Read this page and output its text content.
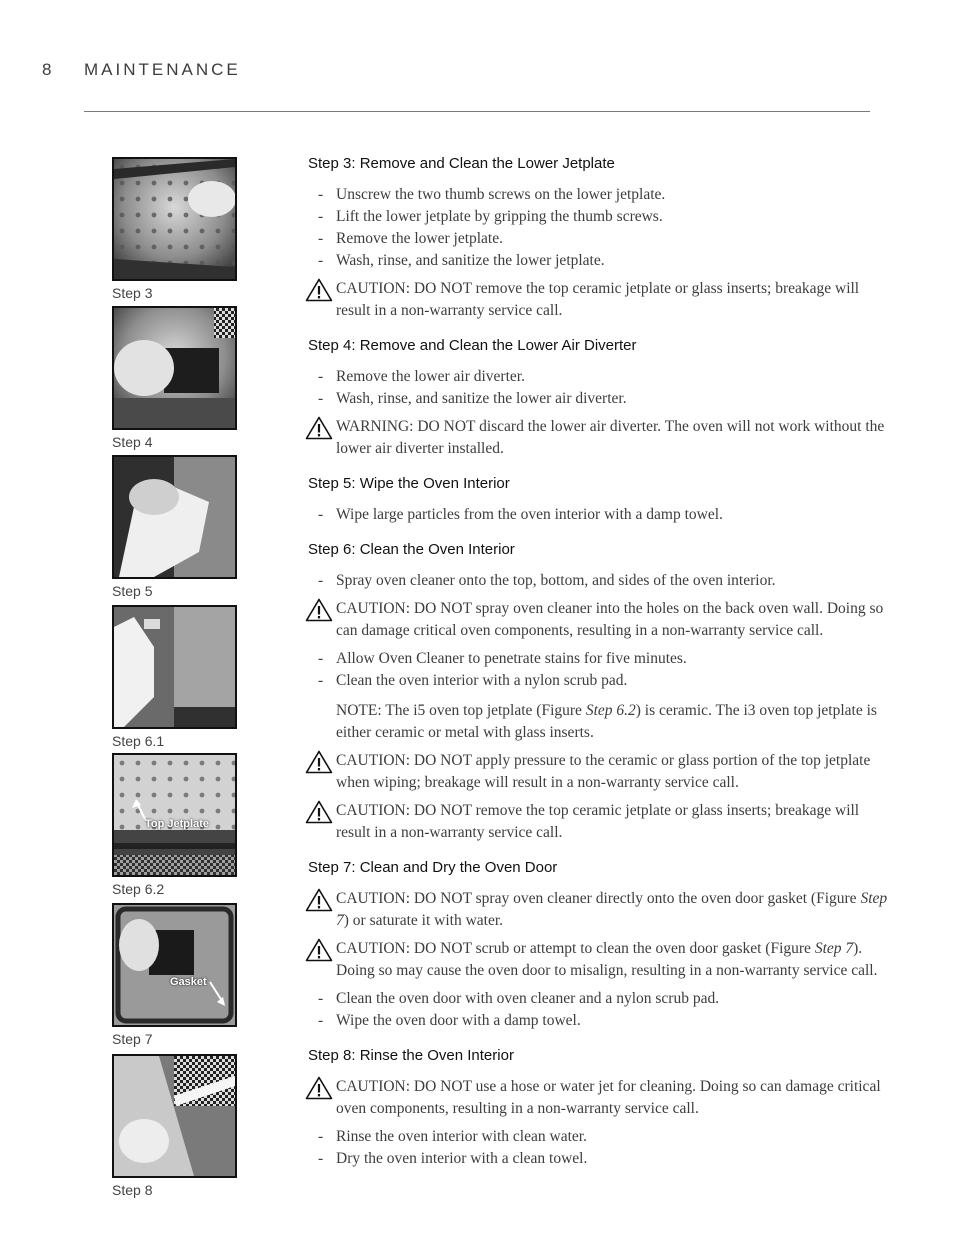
8	MAINTENANCE
Step 3
Step 4
Step 5
Step 6.1
Top Jetplate
Step 6.2
Gasket
Step 7
Step 8
Step 3: Remove and Clean the Lower Jetplate
- Unscrew the two thumb screws on the lower jetplate.
- Lift the lower jetplate by gripping the thumb screws.
- Remove the lower jetplate.
- Wash, rinse, and sanitize the lower jetplate.
CAUTION: DO NOT remove the top ceramic jetplate or glass inserts; breakage will result in a non-warranty service call.
Step 4: Remove and Clean the Lower Air Diverter
- Remove the lower air diverter.
- Wash, rinse, and sanitize the lower air diverter.
WARNING: DO NOT discard the lower air diverter. The oven will not work without the lower air diverter installed.
Step 5: Wipe the Oven Interior
- Wipe large particles from the oven interior with a damp towel.
Step 6: Clean the Oven Interior
- Spray oven cleaner onto the top, bottom, and sides of the oven interior.
CAUTION: DO NOT spray oven cleaner into the holes on the back oven wall. Doing so can damage critical oven components, resulting in a non-warranty service call.
- Allow Oven Cleaner to penetrate stains for five minutes.
- Clean the oven interior with a nylon scrub pad.
NOTE: The i5 oven top jetplate (Figure Step 6.2) is ceramic. The i3 oven top jetplate is either ceramic or metal with glass inserts.
CAUTION: DO NOT apply pressure to the ceramic or glass portion of the top jetplate when wiping; breakage will result in a non-warranty service call.
CAUTION: DO NOT remove the top ceramic jetplate or glass inserts; breakage will result in a non-warranty service call.
Step 7: Clean and Dry the Oven Door
CAUTION: DO NOT spray oven cleaner directly onto the oven door gasket (Figure Step 7) or saturate it with water.
CAUTION: DO NOT scrub or attempt to clean the oven door gasket (Figure Step 7). Doing so may cause the oven door to misalign, resulting in a non-warranty service call.
- Clean the oven door with oven cleaner and a nylon scrub pad.
- Wipe the oven door with a damp towel.
Step 8: Rinse the Oven Interior
CAUTION: DO NOT use a hose or water jet for cleaning. Doing so can damage critical oven components, resulting in a non-warranty service call.
- Rinse the oven interior with clean water.
- Dry the oven interior with a clean towel.
